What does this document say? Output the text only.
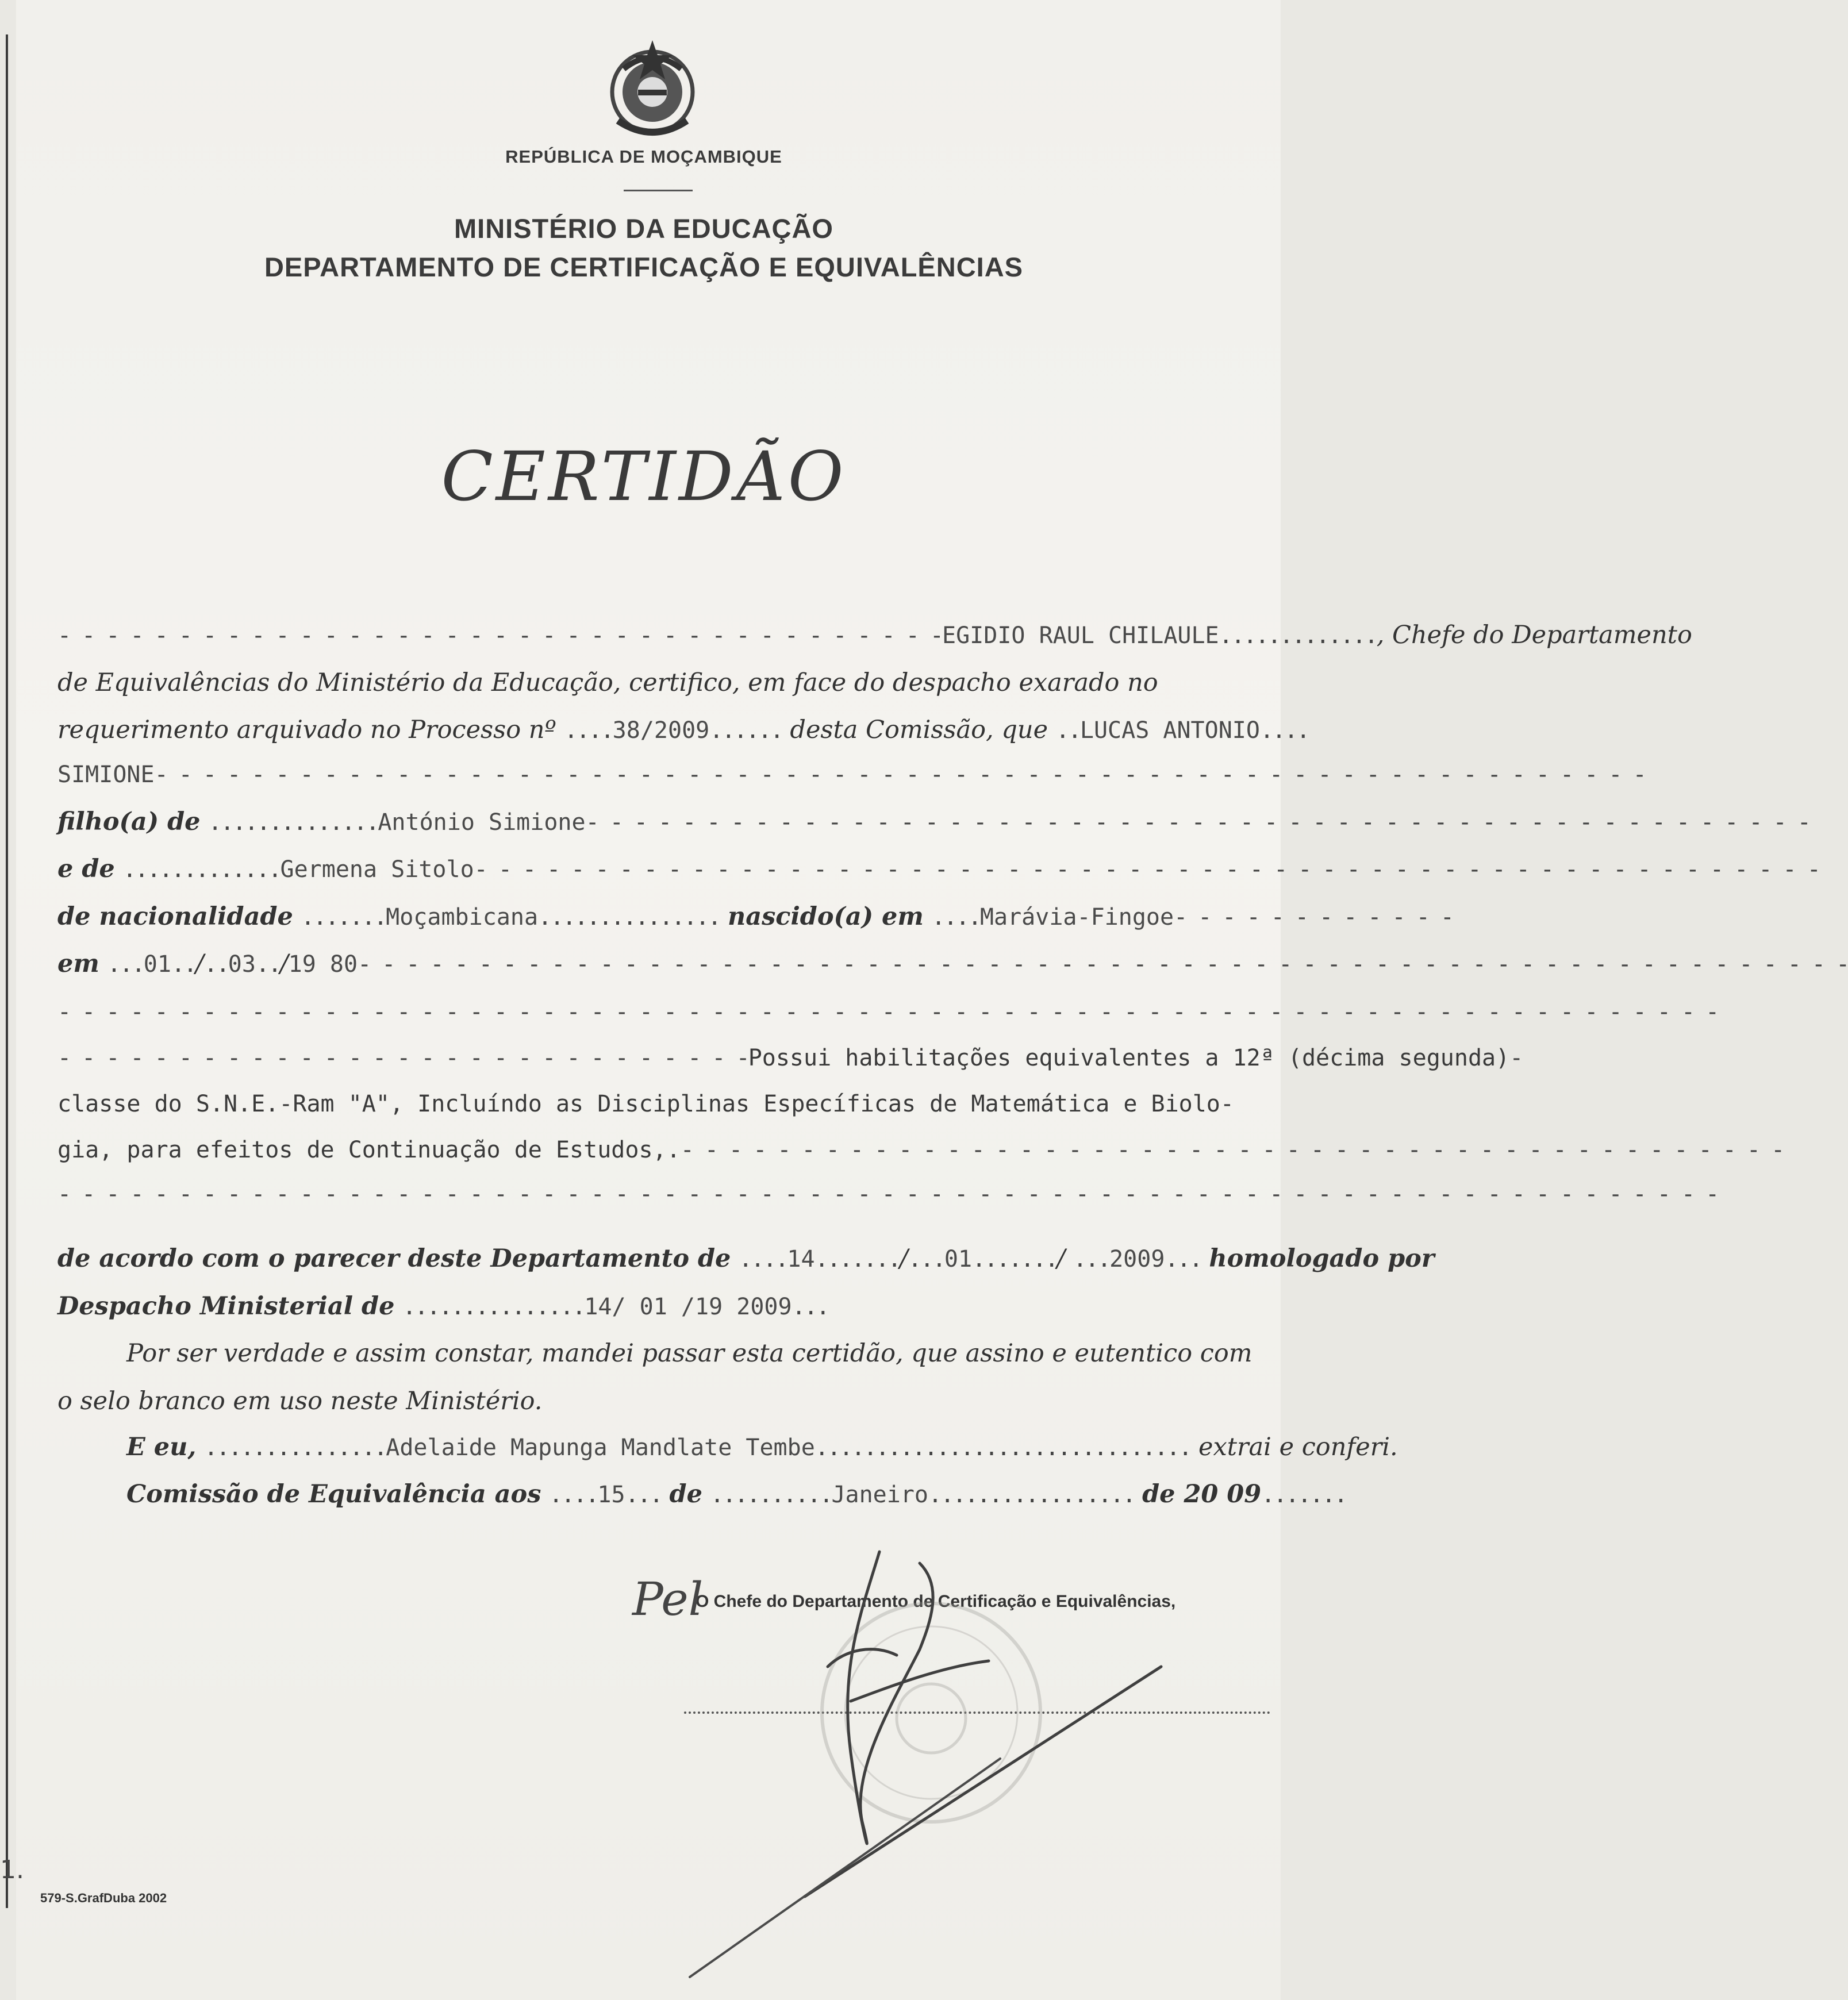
1.
REPÚBLICA DE MOÇAMBIQUE
MINISTÉRIO DA EDUCAÇÃO
DEPARTAMENTO DE CERTIFICAÇÃO E EQUIVALÊNCIAS
CERTIDÃO
- - - - - - - - - - - - - - - - - - - - - - - - - - - - - - - - - - - - -EGIDIO RAUL CHILAULE............., Chefe do Departamento
de Equivalências do Ministério da Educação, certifico, em face do despacho exarado no
requerimento arquivado no Processo nº ....38/2009...... desta Comissão, que ..LUCAS ANTONIO....
SIMIONE- - - - - - - - - - - - - - - - - - - - - - - - - - - - - - - - - - - - - - - - - - - - - - - - - - - - - - - - - - - - - -
filho(a) de ..............António Simione- - - - - - - - - - - - - - - - - - - - - - - - - - - - - - - - - - - - - - - - - - - - - - - - - - -
e de .............Germena Sitolo- - - - - - - - - - - - - - - - - - - - - - - - - - - - - - - - - - - - - - - - - - - - - - - - - - - - - - - -
de nacionalidade .......Moçambicana............... nascido(a) em ....Marávia-Fingoe- - - - - - - - - - - -
em ...01../..03../19 80- - - - - - - - - - - - - - - - - - - - - - - - - - - - - - - - - - - - - - - - - - - - - - - - - - - - - - - - - - - - - -
- - - - - - - - - - - - - - - - - - - - - - - - - - - - - - - - - - - - - - - - - - - - - - - - - - - - - - - - - - - - - - - - - - - - -
- - - - - - - - - - - - - - - - - - - - - - - - - - - - -Possui habilitações equivalentes a 12ª (décima segunda)-
classe do S.N.E.-Ram "A", Incluíndo as Disciplinas Específicas de Matemática e Biolo-
gia, para efeitos de Continuação de Estudos,.- - - - - - - - - - - - - - - - - - - - - - - - - - - - - - - - - - - - - - - - - - - - - -
- - - - - - - - - - - - - - - - - - - - - - - - - - - - - - - - - - - - - - - - - - - - - - - - - - - - - - - - - - - - - - - - - - - - -
de acordo com o parecer deste Departamento de ....14......./...01......./ ...2009... homologado por
Despacho Ministerial de ...............14/ 01 /19 2009...
Por ser verdade e assim constar, mandei passar esta certidão, que assino e eutentico com
o selo branco em uso neste Ministério.
E eu, ...............Adelaide Mapunga Mandlate Tembe............................... extrai e conferi.
Comissão de Equivalência aos ....15... de ..........Janeiro................. de 20 09.......
O Chefe do Departamento de Certificação e Equivalências,
579-S.GrafDuba 2002
Pel
